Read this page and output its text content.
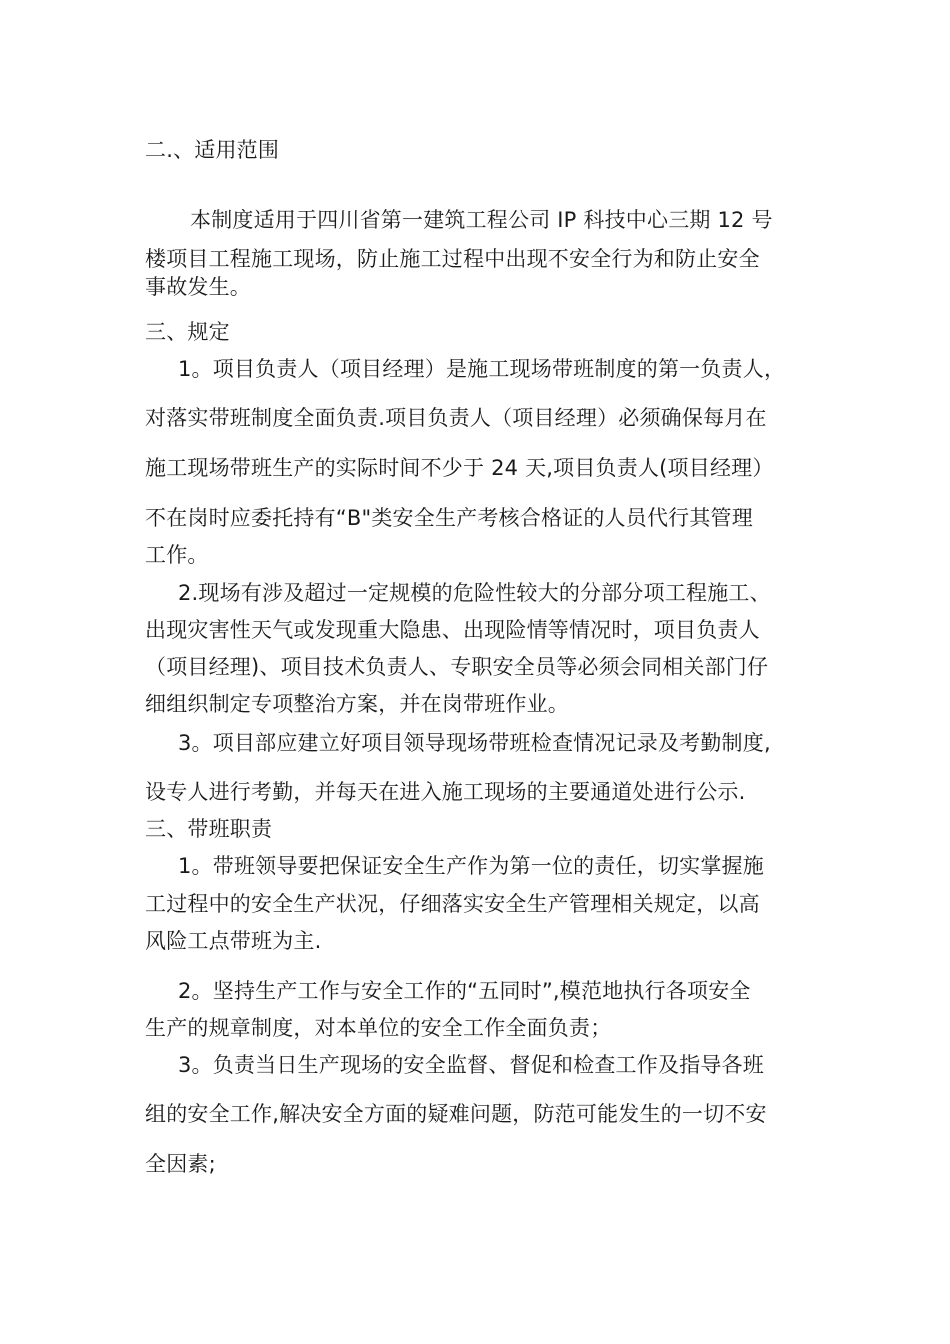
二.、适用范围
本制度适用于四川省第一建筑工程公司 IP 科技中心三期 12 号
楼项目工程施工现场，防止施工过程中出现不安全行为和防止安全
事故发生。
三、规定
1。项目负责人（项目经理）是施工现场带班制度的第一负责人，
对落实带班制度全面负责.项目负责人（项目经理）必须确保每月在
施工现场带班生产的实际时间不少于 24 天,项目负责人(项目经理）
不在岗时应委托持有“B"类安全生产考核合格证的人员代行其管理
工作。
2.现场有涉及超过一定规模的危险性较大的分部分项工程施工、
出现灾害性天气或发现重大隐患、出现险情等情况时，项目负责人
（项目经理)、项目技术负责人、专职安全员等必须会同相关部门仔
细组织制定专项整治方案，并在岗带班作业。
3。项目部应建立好项目领导现场带班检查情况记录及考勤制度,
设专人进行考勤，并每天在进入施工现场的主要通道处进行公示.
三、带班职责
1。带班领导要把保证安全生产作为第一位的责任，切实掌握施
工过程中的安全生产状况，仔细落实安全生产管理相关规定，以高
风险工点带班为主.
2。坚持生产工作与安全工作的“五同时”,模范地执行各项安全
生产的规章制度，对本单位的安全工作全面负责；
3。负责当日生产现场的安全监督、督促和检查工作及指导各班
组的安全工作,解决安全方面的疑难问题，防范可能发生的一切不安
全因素;
